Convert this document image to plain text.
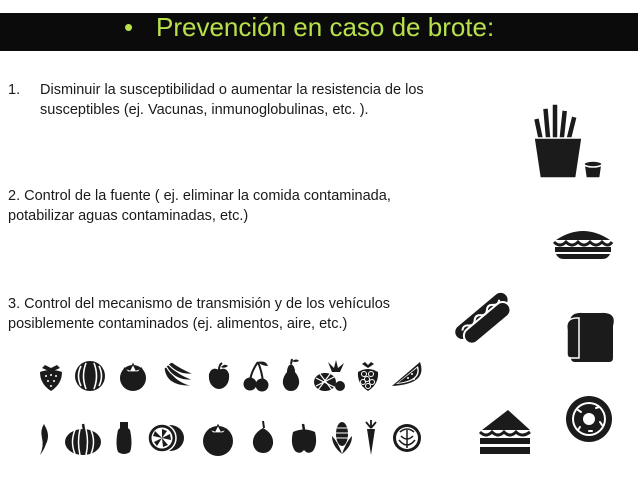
• Prevención en caso de brote:
1.	Disminuir la susceptibilidad o aumentar la resistencia de los susceptibles (ej. Vacunas, inmunoglobulinas, etc. ).
2. Control de la fuente ( ej. eliminar la comida contaminada, potabilizar aguas contaminadas, etc.)
3. Control del mecanismo de transmisión y de los vehículos posiblemente contaminados (ej. alimentos, aire, etc.)
